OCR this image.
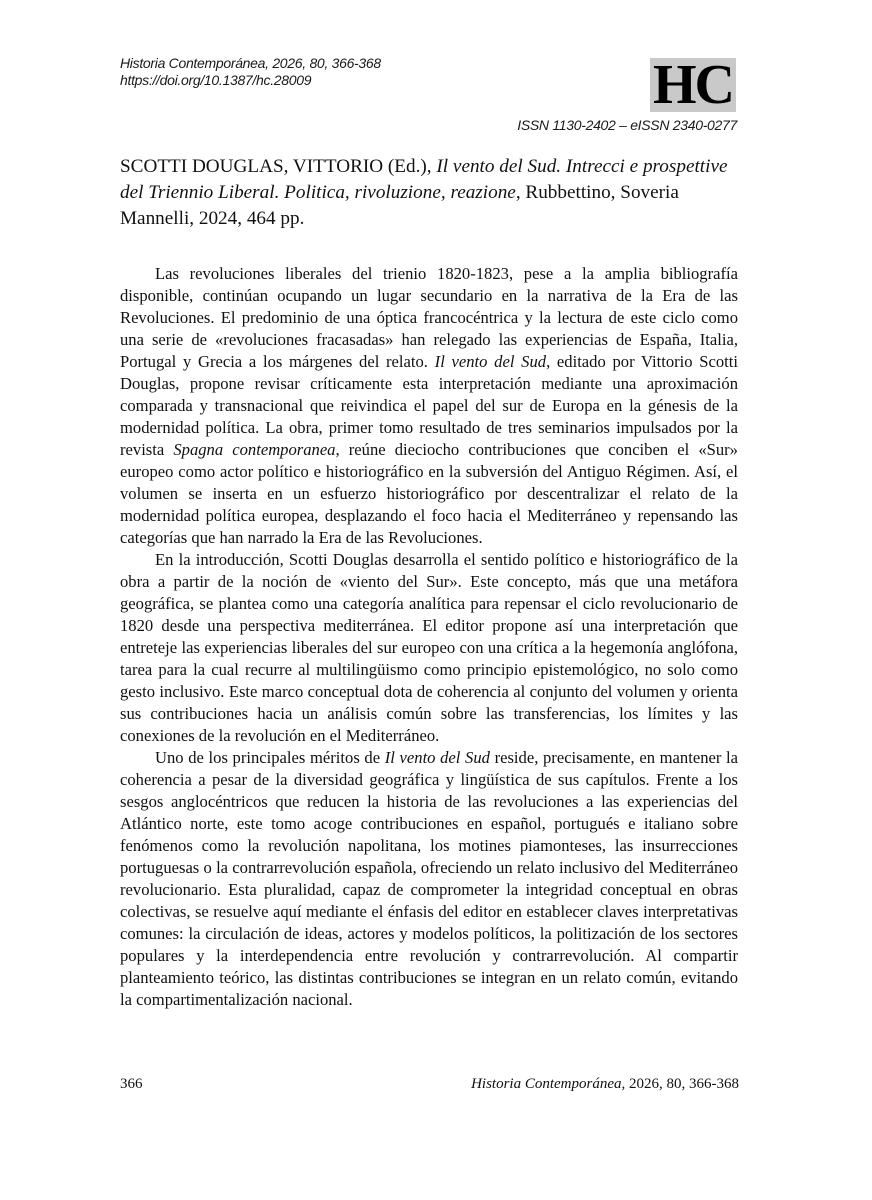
Historia Contemporánea, 2026, 80, 366-368
https://doi.org/10.1387/hc.28009	HC
ISSN 1130-2402 – eISSN 2340-0277
SCOTTI DOUGLAS, VITTORIO (Ed.), Il vento del Sud. Intrecci e prospettive del Triennio Liberal. Politica, rivoluzione, reazione, Rubbettino, Soveria Mannelli, 2024, 464 pp.

Las revoluciones liberales del trienio 1820-1823, pese a la amplia bibliografía disponible, continúan ocupando un lugar secundario en la narrativa de la Era de las Revoluciones. El predominio de una óptica francocéntrica y la lectura de este ciclo como una serie de «revoluciones fracasadas» han relegado las experiencias de España, Italia, Portugal y Grecia a los márgenes del relato. Il vento del Sud, editado por Vittorio Scotti Douglas, propone revisar críticamente esta interpretación mediante una aproximación comparada y transnacional que reivindica el papel del sur de Europa en la génesis de la modernidad política. La obra, primer tomo resultado de tres seminarios impulsados por la revista Spagna contemporanea, reúne dieciocho contribuciones que conciben el «Sur» europeo como actor político e historiográfico en la subversión del Antiguo Régimen. Así, el volumen se inserta en un esfuerzo historiográfico por descentralizar el relato de la modernidad política europea, desplazando el foco hacia el Mediterráneo y repensando las categorías que han narrado la Era de las Revoluciones.

En la introducción, Scotti Douglas desarrolla el sentido político e historiográfico de la obra a partir de la noción de «viento del Sur». Este concepto, más que una metáfora geográfica, se plantea como una categoría analítica para repensar el ciclo revolucionario de 1820 desde una perspectiva mediterránea. El editor propone así una interpretación que entreteje las experiencias liberales del sur europeo con una crítica a la hegemonía anglófona, tarea para la cual recurre al multilingüismo como principio epistemológico, no solo como gesto inclusivo. Este marco conceptual dota de coherencia al conjunto del volumen y orienta sus contribuciones hacia un análisis común sobre las transferencias, los límites y las conexiones de la revolución en el Mediterráneo.

Uno de los principales méritos de Il vento del Sud reside, precisamente, en mantener la coherencia a pesar de la diversidad geográfica y lingüística de sus capítulos. Frente a los sesgos anglocéntricos que reducen la historia de las revoluciones a las experiencias del Atlántico norte, este tomo acoge contribuciones en español, portugués e italiano sobre fenómenos como la revolución napolitana, los motines piamonteses, las insurrecciones portuguesas o la contrarrevolución española, ofreciendo un relato inclusivo del Mediterráneo revolucionario. Esta pluralidad, capaz de comprometer la integridad conceptual en obras colectivas, se resuelve aquí mediante el énfasis del editor en establecer claves interpretativas comunes: la circulación de ideas, actores y modelos políticos, la politización de los sectores populares y la interdependencia entre revolución y contrarrevolución. Al compartir planteamiento teórico, las distintas contribuciones se integran en un relato común, evitando la compartimentalización nacional.

366	Historia Contemporánea, 2026, 80, 366-368
